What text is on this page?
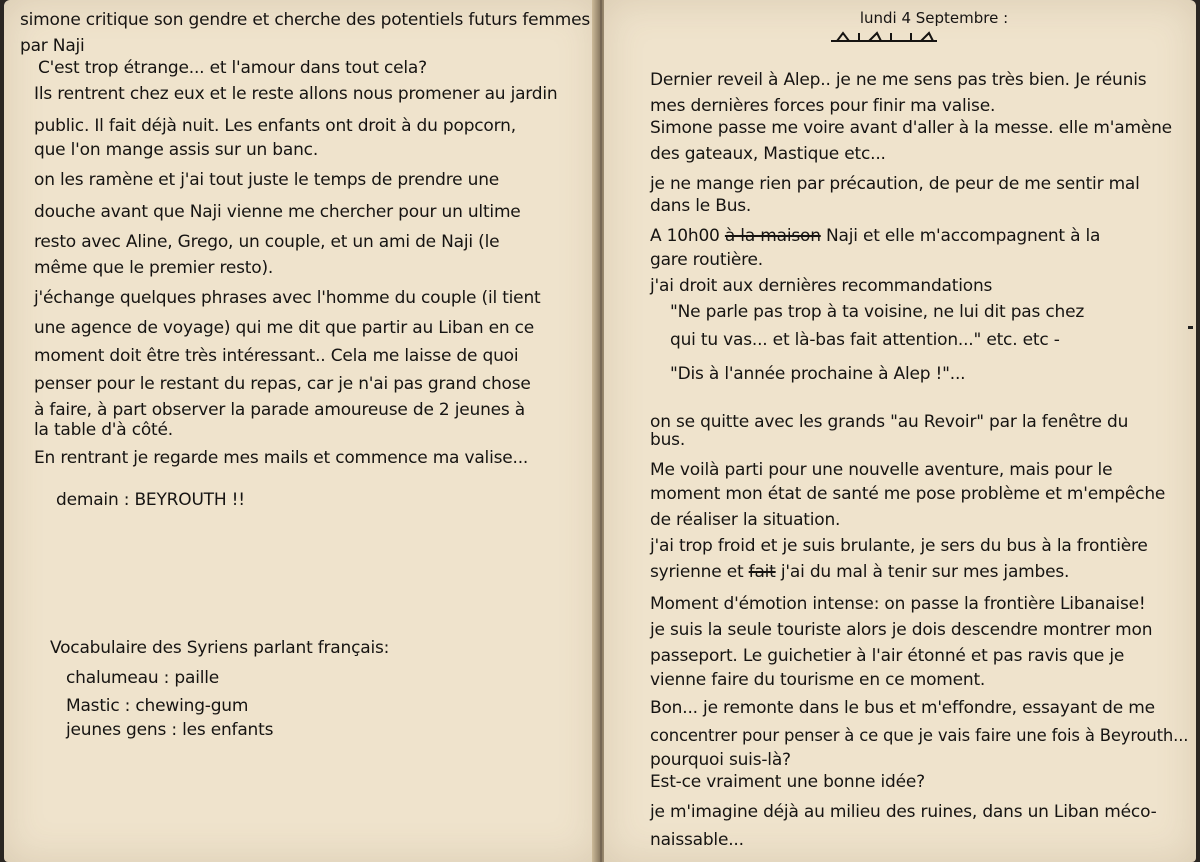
simone critique son gendre et cherche des potentiels futurs femmes

par Naji

C'est trop étrange... et l'amour dans tout cela?

Ils rentrent chez eux et le reste allons nous promener au jardin

public. Il fait déjà nuit. Les enfants ont droit à du popcorn,

que l'on mange assis sur un banc.

on les ramène et j'ai tout juste le temps de prendre une

douche avant que Naji vienne me chercher pour un ultime

resto avec Aline, Grego, un couple, et un ami de Naji (le

même que le premier resto).

j'échange quelques phrases avec l'homme du couple (il tient

une agence de voyage) qui me dit que partir au Liban en ce

moment doit être très intéressant.. Cela me laisse de quoi

penser pour le restant du repas, car je n'ai pas grand chose

à faire, à part observer la parade amoureuse de 2 jeunes à

la table d'à côté.

En rentrant je regarde mes mails et commence ma valise...

demain : BEYROUTH !!

Vocabulaire des Syriens parlant français:

chalumeau : paille

Mastic : chewing-gum

jeunes gens : les enfants

lundi 4 Septembre :

Dernier reveil à Alep.. je ne me sens pas très bien. Je réunis

mes dernières forces pour finir ma valise.

Simone passe me voire avant d'aller à la messe. elle m'amène

des gateaux, Mastique etc...

je ne mange rien par précaution, de peur de me sentir mal

dans le Bus.

A 10h00 à la maison Naji et elle m'accompagnent à la

gare routière.

j'ai droit aux dernières recommandations

"Ne parle pas trop à ta voisine, ne lui dit pas chez

qui tu vas... et là-bas fait attention..." etc. etc -

"Dis à l'année prochaine à Alep !"...

on se quitte avec les grands "au Revoir" par la fenêtre du

bus.

Me voilà parti pour une nouvelle aventure, mais pour le

moment mon état de santé me pose problème et m'empêche

de réaliser la situation.

j'ai trop froid et je suis brulante, je sers du bus à la frontière

syrienne et fait j'ai du mal à tenir sur mes jambes.

Moment d'émotion intense: on passe la frontière Libanaise!

je suis la seule touriste alors je dois descendre montrer mon

passeport. Le guichetier à l'air étonné et pas ravis que je

vienne faire du tourisme en ce moment.

Bon... je remonte dans le bus et m'effondre, essayant de me

concentrer pour penser à ce que je vais faire une fois à Beyrouth...

pourquoi suis-là?

Est-ce vraiment une bonne idée?

je m'imagine déjà au milieu des ruines, dans un Liban méco-

naissable...
